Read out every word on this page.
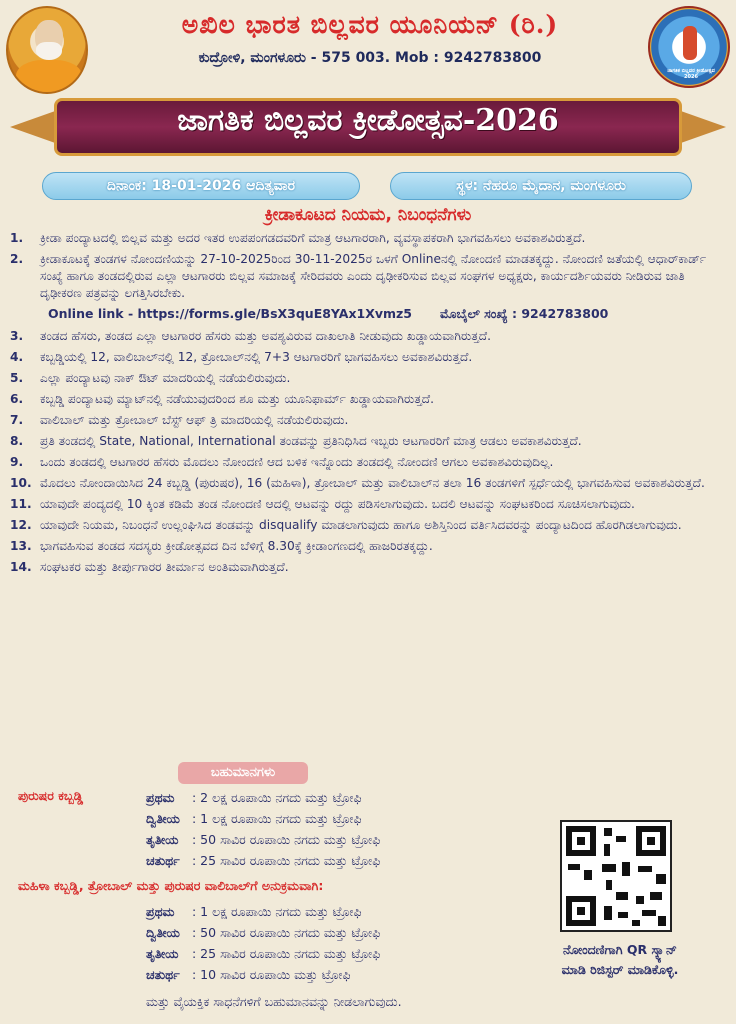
ಅಖಿಲ ಭಾರತ ಬಿಲ್ಲವರ ಯೂನಿಯನ್ (ರಿ.)
ಕುದ್ರೋಳಿ, ಮಂಗಳೂರು - 575 003. Mob : 9242783800
ಜಾಗತಿಕ ಬಿಲ್ಲವರ ಕ್ರೀಡೋತ್ಸವ 2026
ಜಾಗತಿಕ ಬಿಲ್ಲವರ ಕ್ರೀಡೋತ್ಸವ-2026
ದಿನಾಂಕ: 18-01-2026 ಆದಿತ್ಯವಾರ	ಸ್ಥಳ: ನೆಹರೂ ಮೈದಾನ, ಮಂಗಳೂರು
ಕ್ರೀಡಾಕೂಟದ ನಿಯಮ, ನಿಬಂಧನೆಗಳು
1.	ಕ್ರೀಡಾ ಪಂದ್ಯಾಟದಲ್ಲಿ ಬಿಲ್ಲವ ಮತ್ತು ಅದರ ಇತರ ಉಪಪಂಗಡದವರಿಗೆ ಮಾತ್ರ ಆಟಗಾರರಾಗಿ, ವ್ಯವಸ್ಥಾಪಕರಾಗಿ ಭಾಗವಹಿಸಲು ಅವಕಾಶವಿರುತ್ತದೆ.
2.	ಕ್ರೀಡಾಕೂಟಕ್ಕೆ ತಂಡಗಳ ನೋಂದಣಿಯನ್ನು 27-10-2025ರಿಂದ 30-11-2025ರ ಒಳಗೆ Onlineನಲ್ಲಿ ನೋಂದಣಿ ಮಾಡತಕ್ಕದ್ದು. ನೋಂದಣಿ ಜತೆಯಲ್ಲಿ ಆಧಾರ್‌ಕಾರ್ಡ್ ಸಂಖ್ಯೆ ಹಾಗೂ ತಂಡದಲ್ಲಿರುವ ಎಲ್ಲಾ ಆಟಗಾರರು ಬಿಲ್ಲವ ಸಮಾಜಕ್ಕೆ ಸೇರಿದವರು ಎಂದು ದೃಢೀಕರಿಸುವ ಬಿಲ್ಲವ ಸಂಘಗಳ ಅಧ್ಯಕ್ಷರು, ಕಾರ್ಯದರ್ಶಿಯವರು ನೀಡಿರುವ ಜಾತಿ ದೃಢೀಕರಣ ಪತ್ರವನ್ನು ಲಗತ್ತಿಸಿರಬೇಕು.
Online link - https://forms.gle/BsX3quE8YAx1Xvmz5 ಮೊಬೈಲ್ ಸಂಖ್ಯೆ : 9242783800
3.	ತಂಡದ ಹೆಸರು, ತಂಡದ ಎಲ್ಲಾ ಆಟಗಾರರ ಹೆಸರು ಮತ್ತು ಅವಶ್ಯವಿರುವ ದಾಖಲಾತಿ ನೀಡುವುದು ಖಡ್ಡಾಯವಾಗಿರುತ್ತದೆ.
4.	ಕಬ್ಬಡ್ಡಿಯಲ್ಲಿ 12, ವಾಲಿಬಾಲ್‌ನಲ್ಲಿ 12, ತ್ರೋಬಾಲ್‌ನಲ್ಲಿ 7+3 ಆಟಗಾರರಿಗೆ ಭಾಗವಹಿಸಲು ಅವಕಾಶವಿರುತ್ತದೆ.
5.	ಎಲ್ಲಾ ಪಂದ್ಯಾಟವು ನಾಕ್ ಔಟ್ ಮಾದರಿಯಲ್ಲಿ ನಡೆಯಲಿರುವುದು.
6.	ಕಬ್ಬಡ್ಡಿ ಪಂದ್ಯಾಟವು ಮ್ಯಾಟ್‌ನಲ್ಲಿ ನಡೆಯುವುದರಿಂದ ಶೂ ಮತ್ತು ಯೂನಿಫಾರ್ಮ್ ಖಡ್ಡಾಯವಾಗಿರುತ್ತದೆ.
7.	ವಾಲಿಬಾಲ್ ಮತ್ತು ತ್ರೋಬಾಲ್ ಬೆಸ್ಟ್ ಆಫ್ ತ್ರಿ ಮಾದರಿಯಲ್ಲಿ ನಡೆಯಲಿರುವುದು.
8.	ಪ್ರತಿ ತಂಡದಲ್ಲಿ State, National, International ತಂಡವನ್ನು ಪ್ರತಿನಿಧಿಸಿದ ಇಬ್ಬರು ಆಟಗಾರರಿಗೆ ಮಾತ್ರ ಆಡಲು ಅವಕಾಶವಿರುತ್ತದೆ.
9.	ಒಂದು ತಂಡದಲ್ಲಿ ಆಟಗಾರರ ಹೆಸರು ಮೊದಲು ನೋಂದಣಿ ಆದ ಬಳಿಕ ಇನ್ನೊಂದು ತಂಡದಲ್ಲಿ ನೋಂದಣಿ ಆಗಲು ಅವಕಾಶವಿರುವುದಿಲ್ಲ.
10. ಮೊದಲು ನೋಂದಾಯಿಸಿದ 24 ಕಬ್ಬಡ್ಡಿ (ಪುರುಷರ), 16 (ಮಹಿಳಾ), ತ್ರೋಬಾಲ್ ಮತ್ತು ವಾಲಿಬಾಲ್‌ನ ತಲಾ 16 ತಂಡಗಳಿಗೆ ಸ್ಪರ್ಧೆಯಲ್ಲಿ ಭಾಗವಹಿಸುವ ಅವಕಾಶವಿರುತ್ತದೆ.
11. ಯಾವುದೇ ಪಂದ್ಯದಲ್ಲಿ 10 ಕ್ಕಿಂತ ಕಡಿಮೆ ತಂಡ ನೋಂದಣಿ ಆದಲ್ಲಿ ಆಟವನ್ನು ರದ್ದು ಪಡಿಸಲಾಗುವುದು. ಬದಲಿ ಆಟವನ್ನು ಸಂಘಟಕರಿಂದ ಸೂಚಿಸಲಾಗುವುದು.
12. ಯಾವುದೇ ನಿಯಮ, ನಿಬಂಧನೆ ಉಲ್ಲಂಘಿಸಿದ ತಂಡವನ್ನು disqualify ಮಾಡಲಾಗುವುದು ಹಾಗೂ ಅಶಿಸ್ತಿನಿಂದ ವರ್ತಿಸಿದವರನ್ನು ಪಂದ್ಯಾಟದಿಂದ ಹೊರಗಿಡಲಾಗುವುದು.
13. ಭಾಗವಹಿಸುವ ತಂಡದ ಸದಸ್ಯರು ಕ್ರೀಡೋತ್ಸವದ ದಿನ ಬೆಳಿಗ್ಗೆ 8.30ಕ್ಕೆ ಕ್ರೀಡಾಂಗಣದಲ್ಲಿ ಹಾಜರಿರತಕ್ಕದ್ದು.
14. ಸಂಘಟಕರ ಮತ್ತು ತೀರ್ಪುಗಾರರ ತೀರ್ಮಾನ ಅಂತಿಮವಾಗಿರುತ್ತದೆ.
ಬಹುಮಾನಗಳು
ಪುರುಷರ ಕಬ್ಬಡ್ಡಿ	ಪ್ರಥಮ : 2 ಲಕ್ಷ ರೂಪಾಯಿ ನಗದು ಮತ್ತು ಟ್ರೋಫಿ
ದ್ವಿತೀಯ : 1 ಲಕ್ಷ ರೂಪಾಯಿ ನಗದು ಮತ್ತು ಟ್ರೋಫಿ
ತೃತೀಯ : 50 ಸಾವಿರ ರೂಪಾಯಿ ನಗದು ಮತ್ತು ಟ್ರೋಫಿ
ಚತುರ್ಥ : 25 ಸಾವಿರ ರೂಪಾಯಿ ನಗದು ಮತ್ತು ಟ್ರೋಫಿ
ಮಹಿಳಾ ಕಬ್ಬಡ್ಡಿ, ತ್ರೋಬಾಲ್ ಮತ್ತು ಪುರುಷರ ವಾಲಿಬಾಲ್‌ಗೆ ಅನುಕ್ರಮವಾಗಿ:
ಪ್ರಥಮ : 1 ಲಕ್ಷ ರೂಪಾಯಿ ನಗದು ಮತ್ತು ಟ್ರೋಫಿ
ದ್ವಿತೀಯ : 50 ಸಾವಿರ ರೂಪಾಯಿ ನಗದು ಮತ್ತು ಟ್ರೋಫಿ
ತೃತೀಯ : 25 ಸಾವಿರ ರೂಪಾಯಿ ನಗದು ಮತ್ತು ಟ್ರೋಫಿ
ಚತುರ್ಥ : 10 ಸಾವಿರ ರೂಪಾಯಿ ಮತ್ತು ಟ್ರೋಫಿ
ಮತ್ತು ವೈಯಕ್ತಿಕ ಸಾಧನೆಗಳಿಗೆ ಬಹುಮಾನವನ್ನು ನೀಡಲಾಗುವುದು.
ನೋಂದಣಿಗಾಗಿ QR ಸ್ಕ್ಯಾನ್
ಮಾಡಿ ರಿಜಿಸ್ಟರ್ ಮಾಡಿಕೊಳ್ಳಿ.
